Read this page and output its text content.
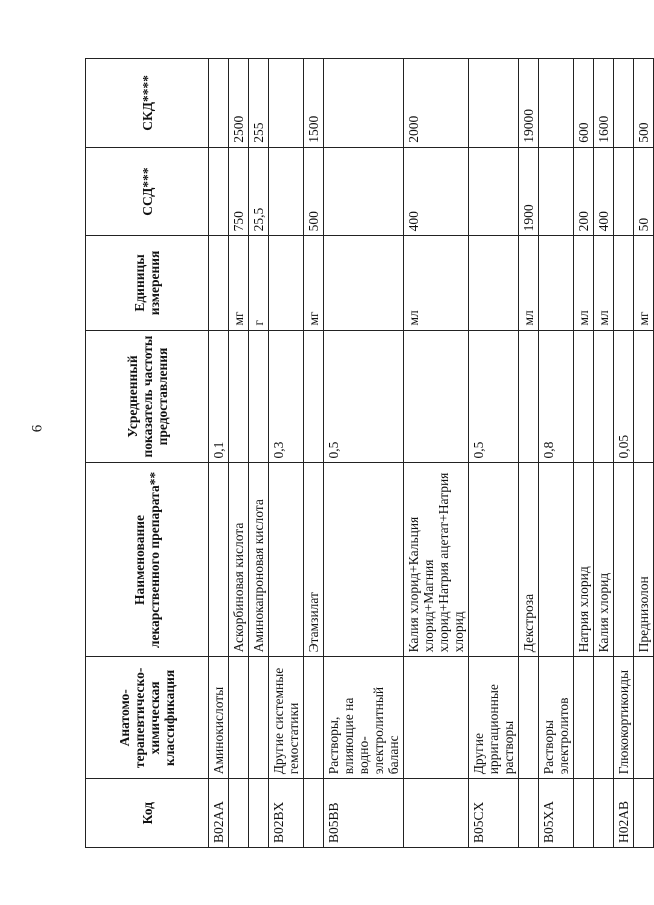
6
Код	Анатомо-терапевтическо-химическая классификация	Наименование лекарственного препарата**	Усредненный показатель частоты предоставления	Единицы измерения	ССД***	СКД****
B02AA	Аминокислоты		0,1			
		Аскорбиновая кислота		мг	750	2500
		Аминокапроновая кислота		г	25,5	255
B02BX	Другие системные гемостатики		0,3			
		Этамзилат		мг	500	1500
B05BB	Растворы, влияющие на водно-электролитный баланс		0,5			
		Калия хлорид+Кальция хлорид+Магния хлорид+Натрия ацетат+Натрия хлорид		мл	400	2000
B05CX	Другие ирригационные растворы		0,5			
		Декстроза		мл	1900	19000
B05XA	Растворы электролитов		0,8			
		Натрия хлорид		мл	200	600
		Калия хлорид		мл	400	1600
H02AB	Глюкокортикоиды		0,05			
		Преднизолон		мг	50	500
